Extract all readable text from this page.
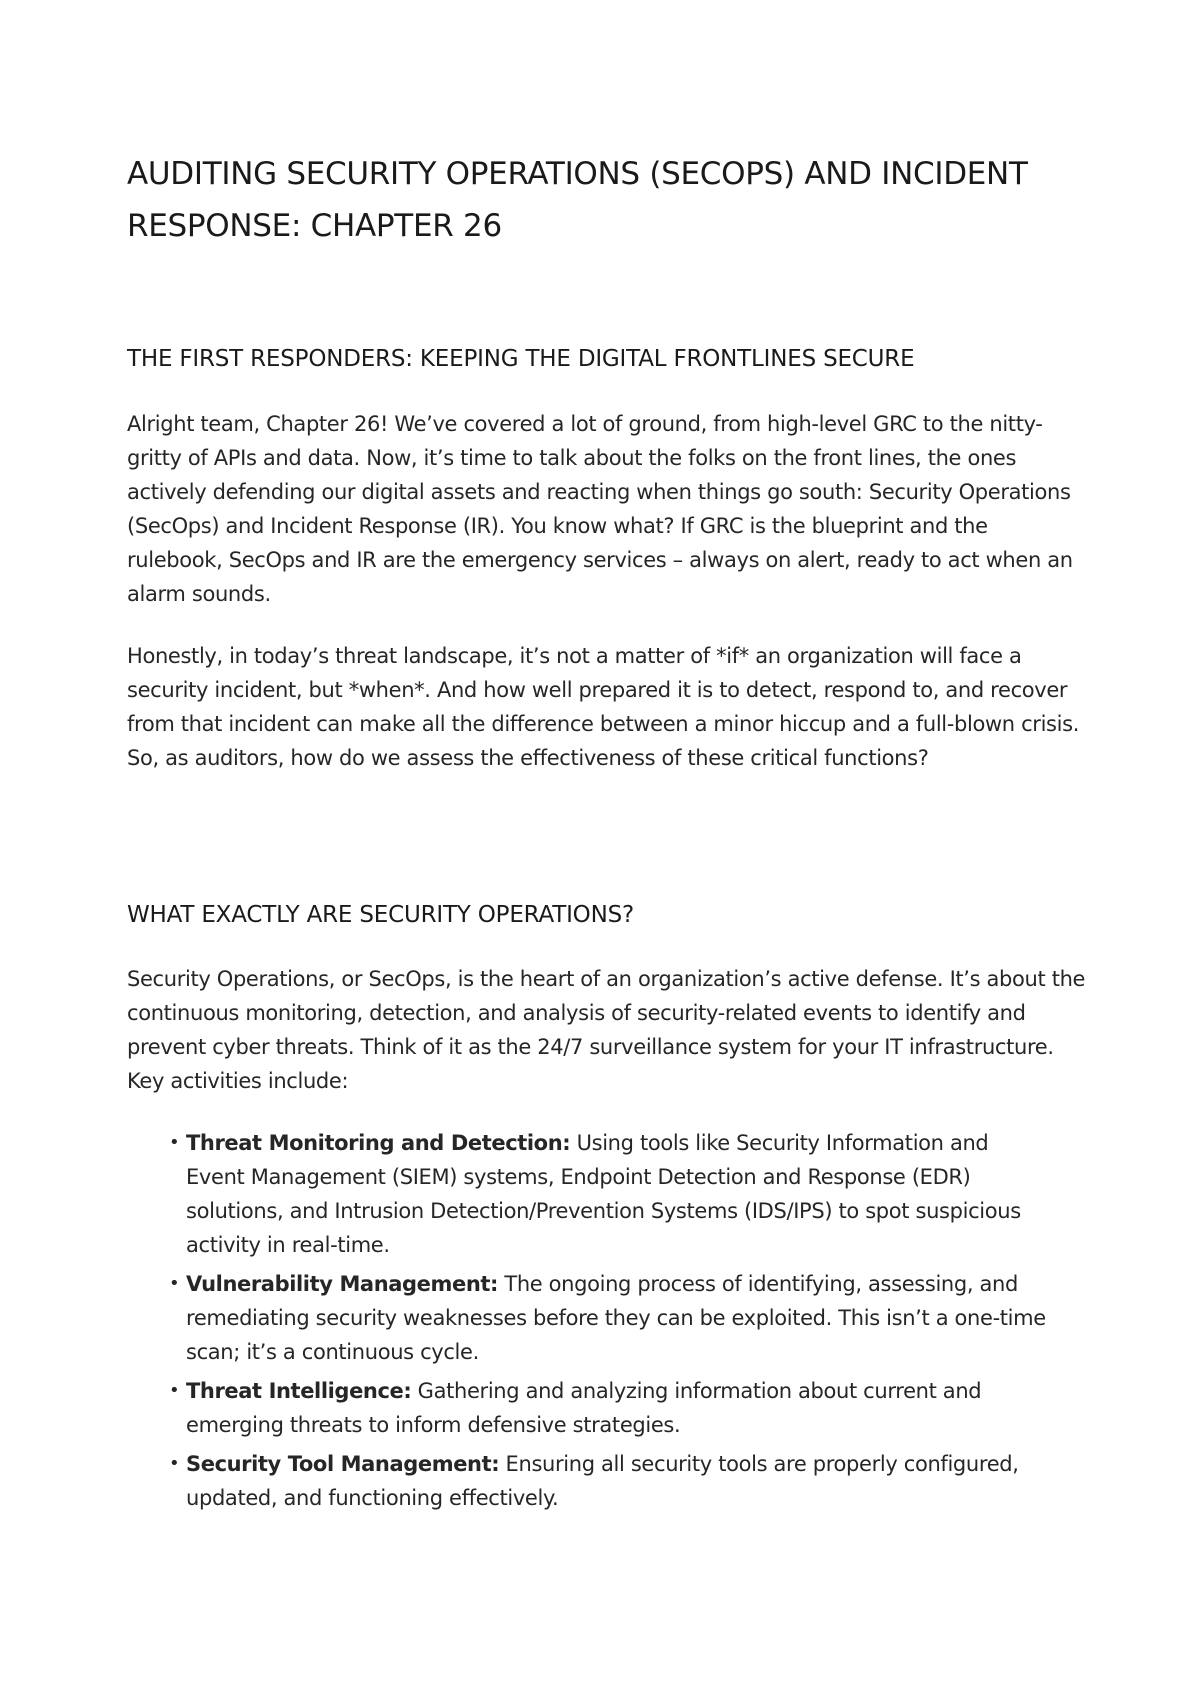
AUDITING SECURITY OPERATIONS (SECOPS) AND INCIDENT RESPONSE: CHAPTER 26
THE FIRST RESPONDERS: KEEPING THE DIGITAL FRONTLINES SECURE

Alright team, Chapter 26! We’ve covered a lot of ground, from high-level GRC to the nitty-gritty of APIs and data. Now, it’s time to talk about the folks on the front lines, the ones actively defending our digital assets and reacting when things go south: Security Operations (SecOps) and Incident Response (IR). You know what? If GRC is the blueprint and the rulebook, SecOps and IR are the emergency services – always on alert, ready to act when an alarm sounds.

Honestly, in today’s threat landscape, it’s not a matter of *if* an organization will face a security incident, but *when*. And how well prepared it is to detect, respond to, and recover from that incident can make all the difference between a minor hiccup and a full-blown crisis. So, as auditors, how do we assess the effectiveness of these critical functions?

WHAT EXACTLY ARE SECURITY OPERATIONS?

Security Operations, or SecOps, is the heart of an organization’s active defense. It’s about the continuous monitoring, detection, and analysis of security-related events to identify and prevent cyber threats. Think of it as the 24/7 surveillance system for your IT infrastructure. Key activities include:

• Threat Monitoring and Detection: Using tools like Security Information and Event Management (SIEM) systems, Endpoint Detection and Response (EDR) solutions, and Intrusion Detection/Prevention Systems (IDS/IPS) to spot suspicious activity in real-time.
• Vulnerability Management: The ongoing process of identifying, assessing, and remediating security weaknesses before they can be exploited. This isn’t a one-time scan; it’s a continuous cycle.
• Threat Intelligence: Gathering and analyzing information about current and emerging threats to inform defensive strategies.
• Security Tool Management: Ensuring all security tools are properly configured, updated, and functioning effectively.
